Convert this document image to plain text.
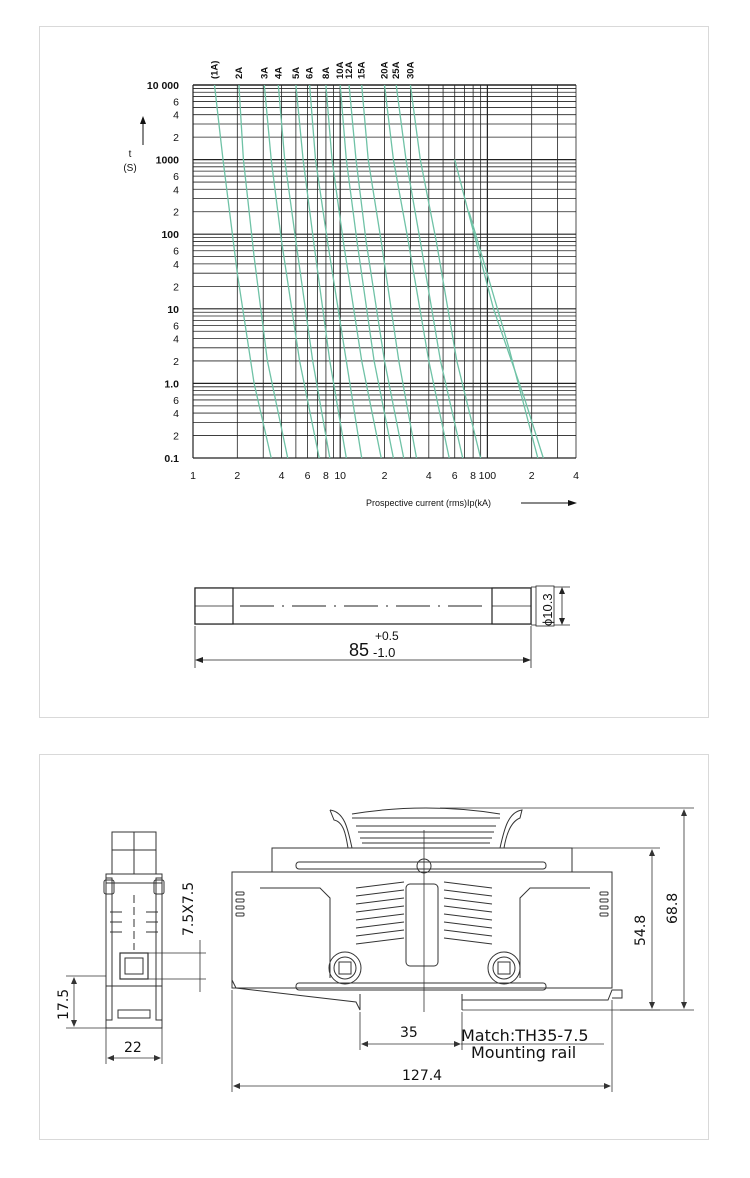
10 000
6
4
2
1000
6
4
2
100
6
4
2
10
6
4
2
1.0
6
4
2
0.1
1	2	4 6 8 10	2	4 6 8 100	2	4
(1A) 2A 3A 4A 5A 6A 8A 10A
12A 15A 20A 25A 30A
t
(S)
Prospective current (rms)Ip(kA)
ϕ10.3
85
+0.5
-1.0
7.5X7.5
17.5
22
35
127.4
54.8
68.8
Match:TH35-7.5
Mounting rail
